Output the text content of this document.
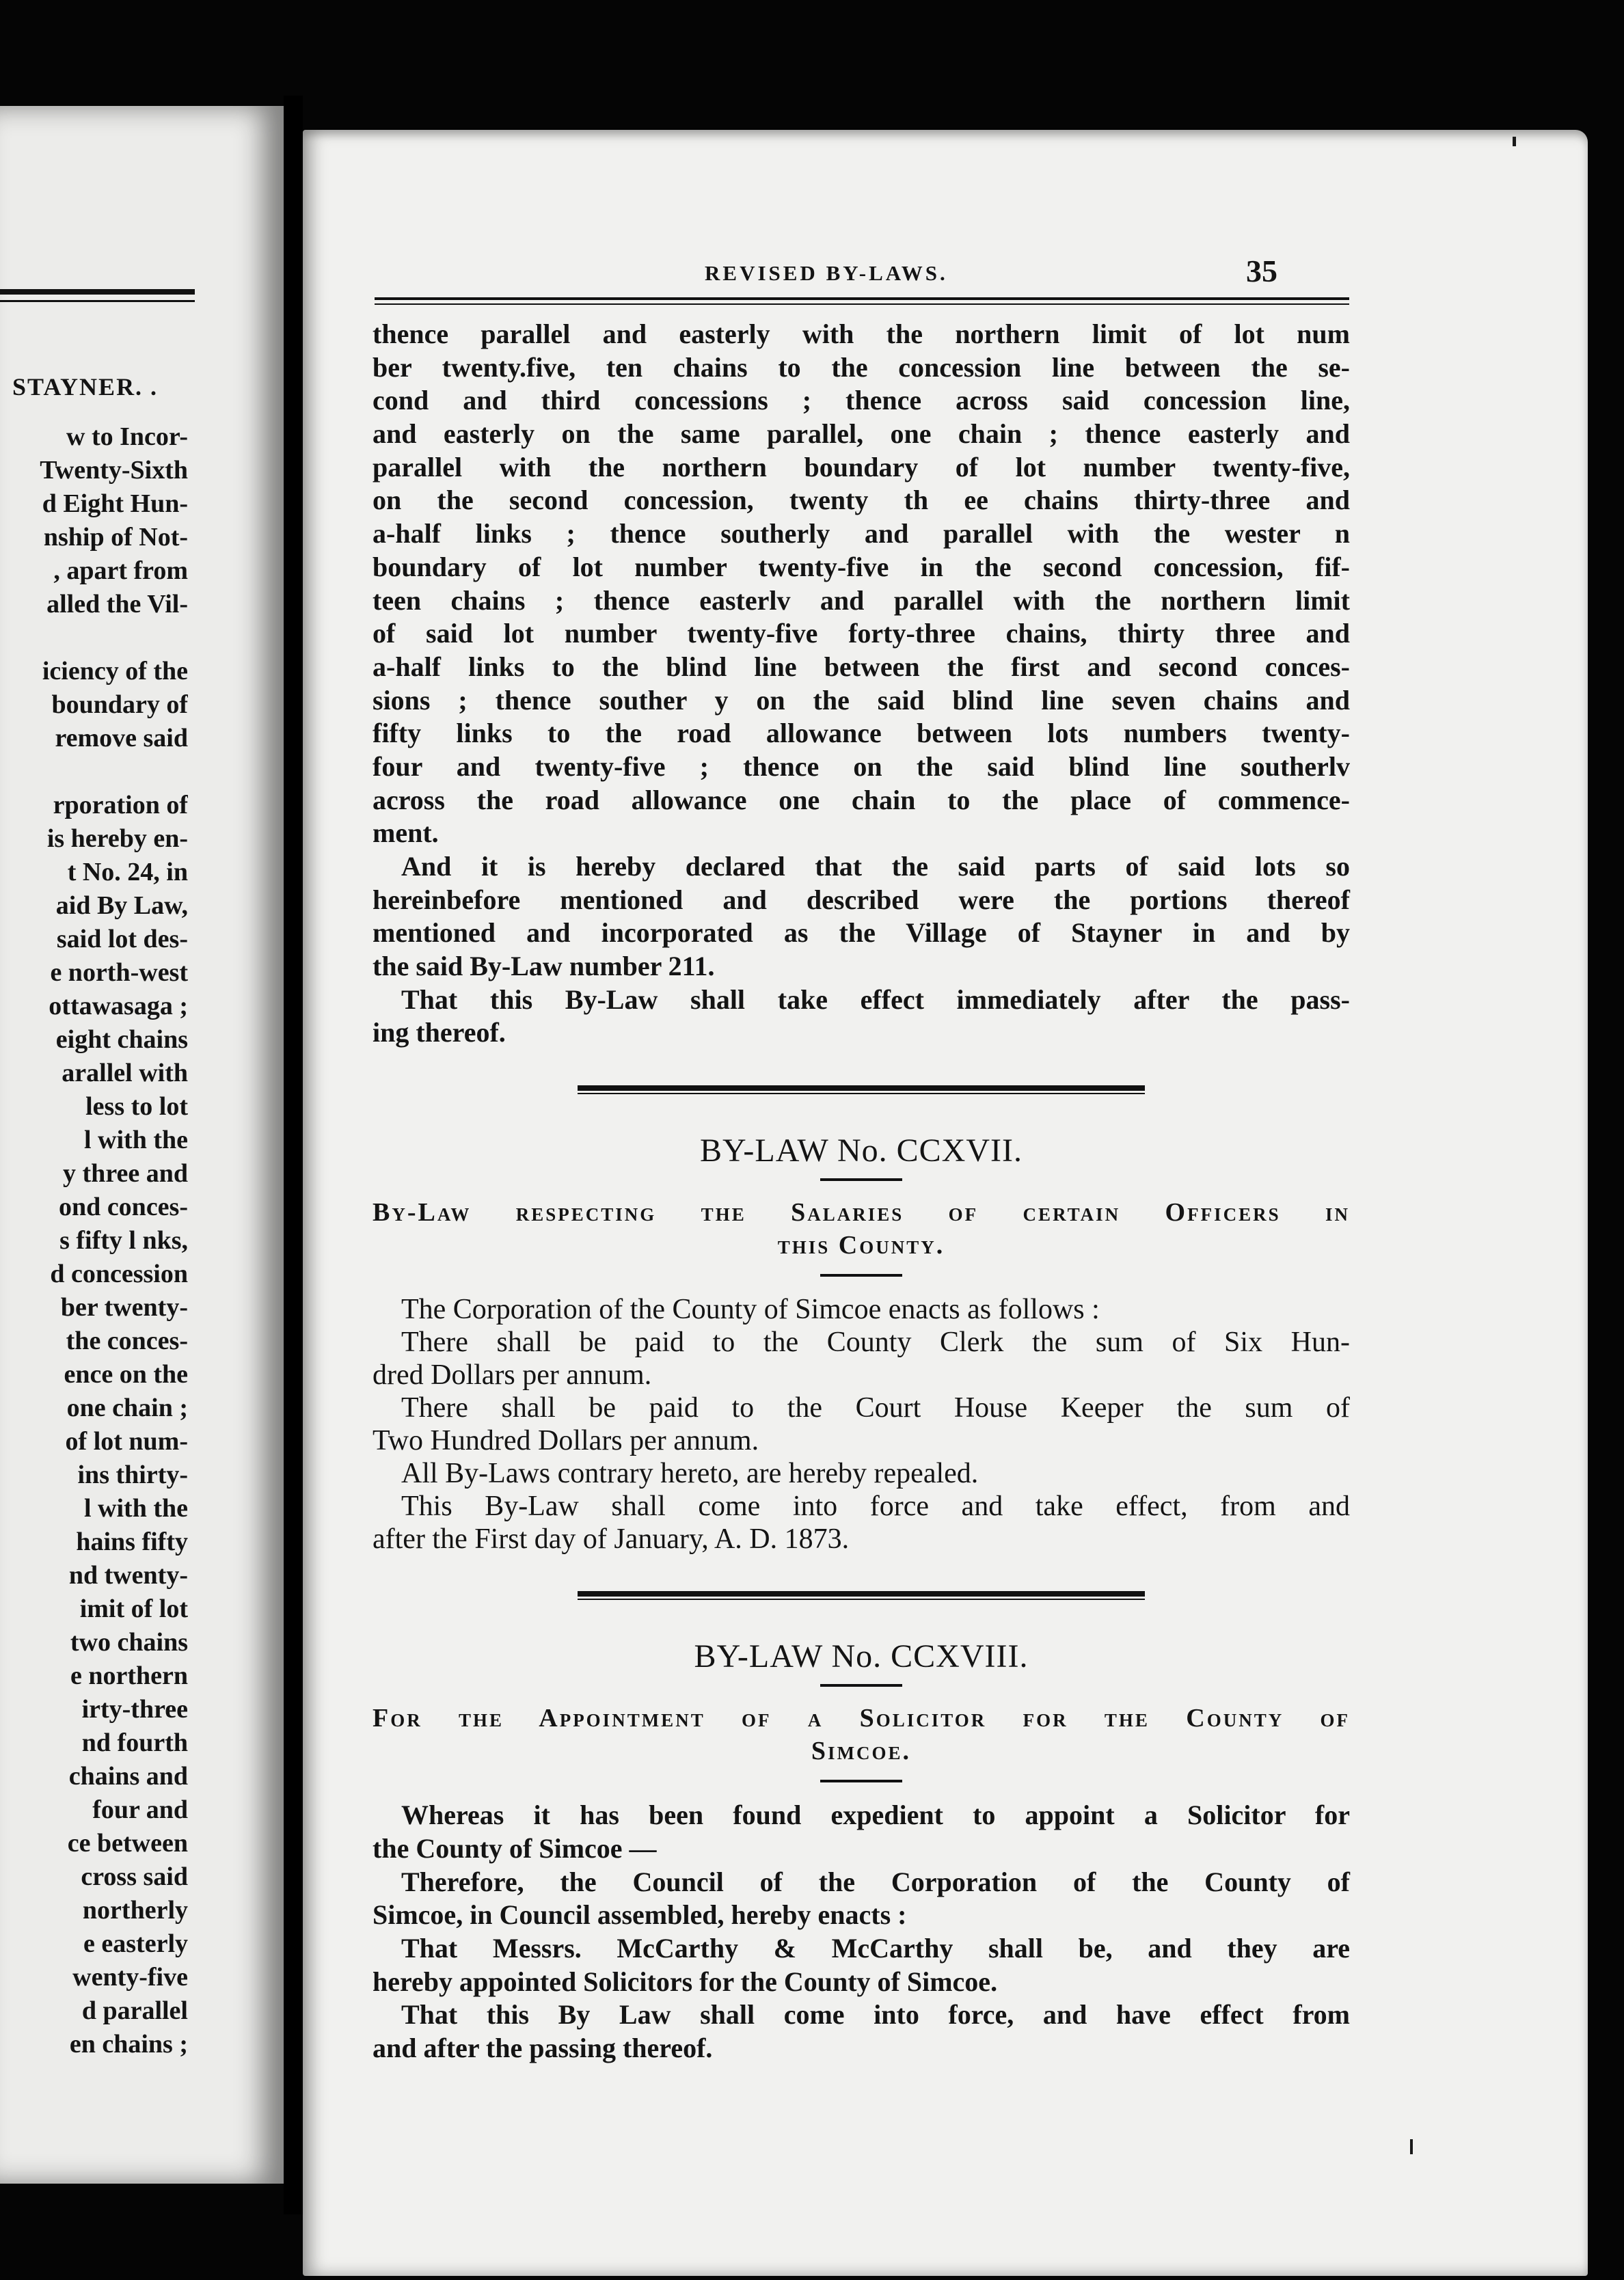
STAYNER. .
w to Incor-
Twenty-Sixth
d Eight Hun-
nship of Not-
, apart from
alled the Vil-
iciency of the
boundary of
remove said
rporation of
is hereby en-
t No. 24, in
aid By Law,
said lot des-
e north-west
ottawasaga ;
eight chains
arallel with
less to lot
l with the
y three and
ond conces-
s fifty l nks,
d concession
ber twenty-
the conces-
ence on the
one chain ;
of lot num-
ins thirty-
l with the
hains fifty
nd twenty-
imit of lot
two chains
e northern
irty-three
nd fourth
chains and
four and
ce between
cross said
northerly
e easterly
wenty-five
d parallel
en chains ;
REVISED BY-LAWS.	35
thence parallel and easterly with the northern limit of lot num
ber twenty.five, ten chains to the concession line between the se-
cond and third concessions ; thence across said concession line,
and easterly on the same parallel, one chain ; thence easterly and
parallel with the northern boundary of lot number twenty-five,
on the second concession, twenty th ee chains thirty-three and
a-half links ; thence southerly and parallel with the wester n
boundary of lot number twenty-five in the second concession, fif-
teen chains ; thence easterlv and parallel with the northern limit
of said lot number twenty-five forty-three chains, thirty three and
a-half links to the blind line between the first and second conces-
sions ; thence souther y on the said blind line seven chains and
fifty links to the road allowance between lots numbers twenty-
four and twenty-five ; thence on the said blind line southerlv
across the road allowance one chain to the place of commence-
ment.
And it is hereby declared that the said parts of said lots so
hereinbefore mentioned and described were the portions thereof
mentioned and incorporated as the Village of Stayner in and by
the said By-Law number 211.
That this By-Law shall take effect immediately after the pass-
ing thereof.
BY-LAW No. CCXVII.
By-Law respecting the Salaries of certain Officers in
this County.
The Corporation of the County of Simcoe enacts as follows :
There shall be paid to the County Clerk the sum of Six Hun-
dred Dollars per annum.
There shall be paid to the Court House Keeper the sum of
Two Hundred Dollars per annum.
All By-Laws contrary hereto, are hereby repealed.
This By-Law shall come into force and take effect, from and
after the First day of January, A. D. 1873.
BY-LAW No. CCXVIII.
For the Appointment of a Solicitor for the County of
Simcoe.
Whereas it has been found expedient to appoint a Solicitor for
the County of Simcoe —
Therefore, the Council of the Corporation of the County of
Simcoe, in Council assembled, hereby enacts :
That Messrs. McCarthy & McCarthy shall be, and they are
hereby appointed Solicitors for the County of Simcoe.
That this By Law shall come into force, and have effect from
and after the passing thereof.
